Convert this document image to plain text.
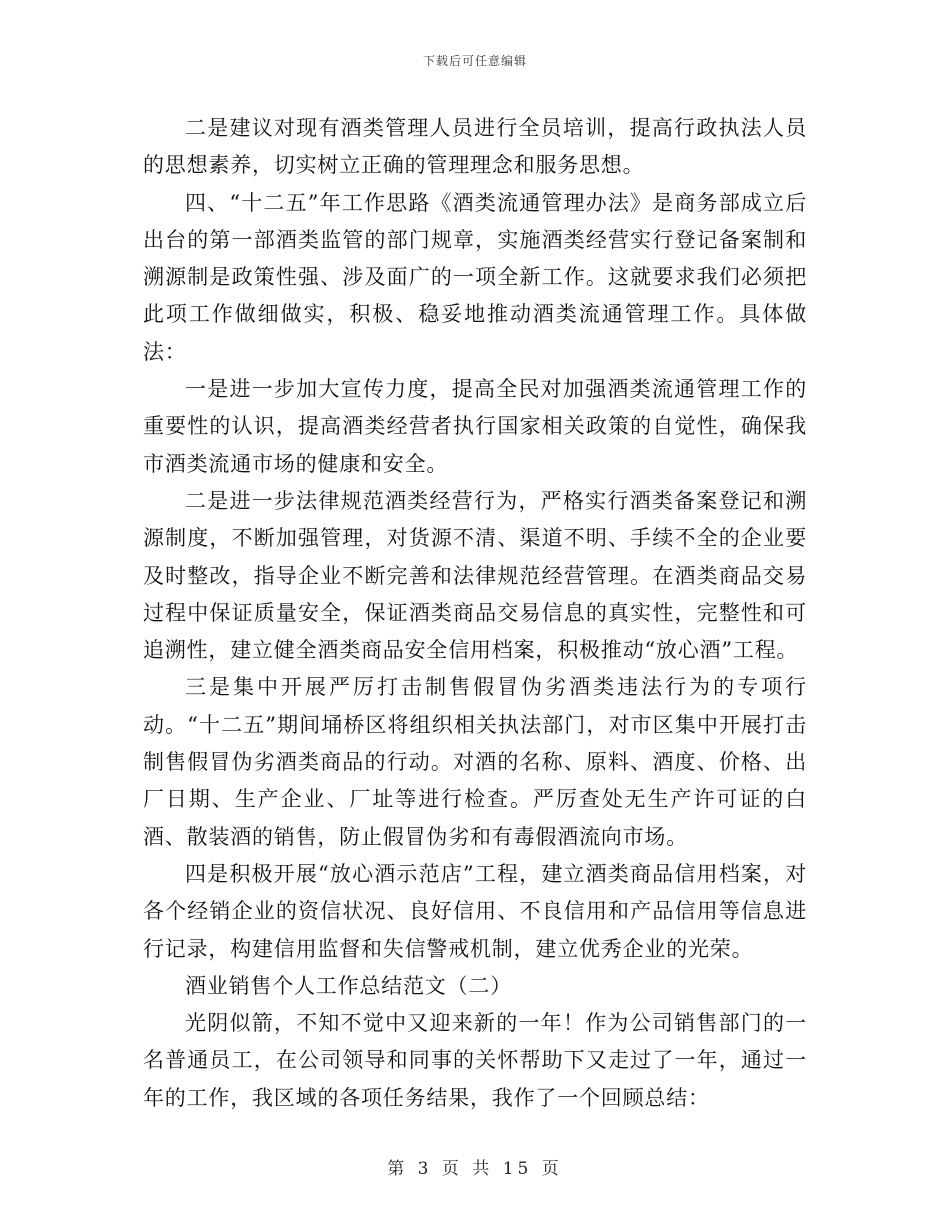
下载后可任意编辑

二是建议对现有酒类管理人员进行全员培训，提高行政执法人员的思想素养，切实树立正确的管理理念和服务思想。

四、“十二五”年工作思路《酒类流通管理办法》是商务部成立后出台的第一部酒类监管的部门规章，实施酒类经营实行登记备案制和溯源制是政策性强、涉及面广的一项全新工作。这就要求我们必须把此项工作做细做实，积极、稳妥地推动酒类流通管理工作。具体做法：

一是进一步加大宣传力度，提高全民对加强酒类流通管理工作的重要性的认识，提高酒类经营者执行国家相关政策的自觉性，确保我市酒类流通市场的健康和安全。

二是进一步法律规范酒类经营行为，严格实行酒类备案登记和溯源制度，不断加强管理，对货源不清、渠道不明、手续不全的企业要及时整改，指导企业不断完善和法律规范经营管理。在酒类商品交易过程中保证质量安全，保证酒类商品交易信息的真实性，完整性和可追溯性，建立健全酒类商品安全信用档案，积极推动“放心酒”工程。

三是集中开展严厉打击制售假冒伪劣酒类违法行为的专项行动。“十二五”期间埇桥区将组织相关执法部门，对市区集中开展打击制售假冒伪劣酒类商品的行动。对酒的名称、原料、酒度、价格、出厂日期、生产企业、厂址等进行检查。严厉查处无生产许可证的白酒、散装酒的销售，防止假冒伪劣和有毒假酒流向市场。

四是积极开展“放心酒示范店”工程，建立酒类商品信用档案，对各个经销企业的资信状况、良好信用、不良信用和产品信用等信息进行记录，构建信用监督和失信警戒机制，建立优秀企业的光荣。

酒业销售个人工作总结范文（二）

光阴似箭，不知不觉中又迎来新的一年！作为公司销售部门的一名普通员工，在公司领导和同事的关怀帮助下又走过了一年，通过一年的工作，我区域的各项任务结果，我作了一个回顾总结：

第 3 页 共 15 页
